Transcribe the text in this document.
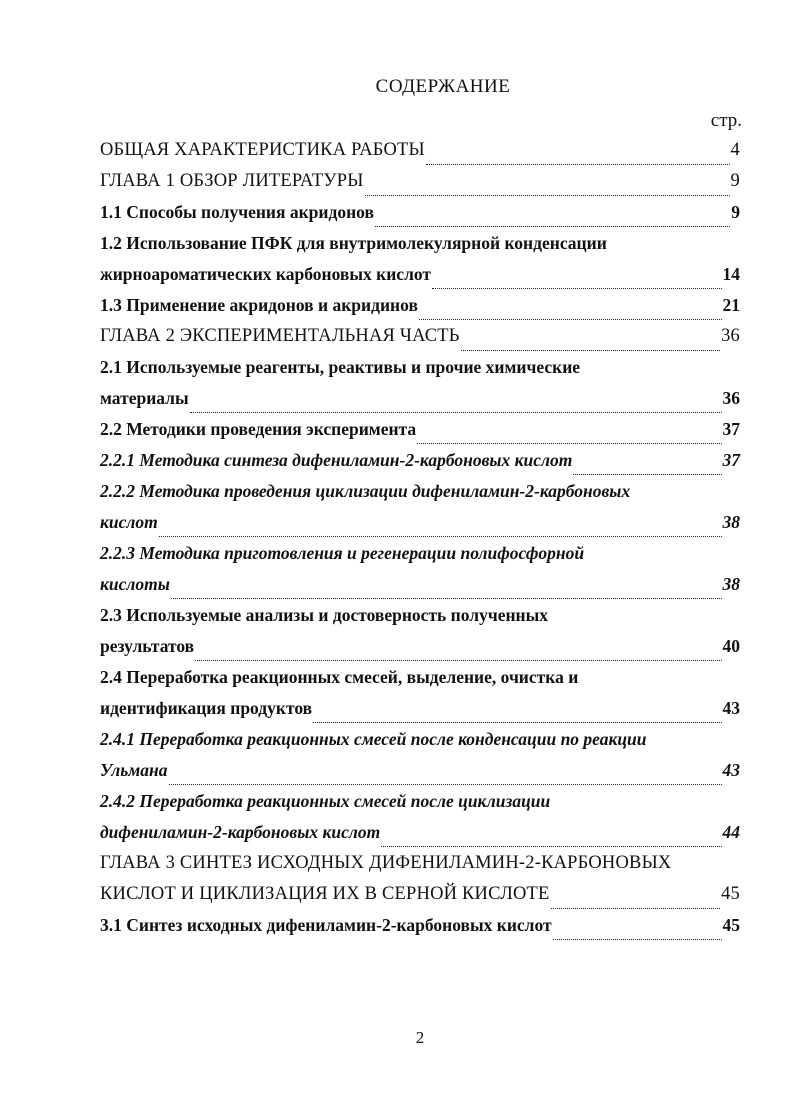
СОДЕРЖАНИЕ
стр.
ОБЩАЯ ХАРАКТЕРИСТИКА РАБОТЫ	4
ГЛАВА 1 ОБЗОР ЛИТЕРАТУРЫ	9
1.1 Способы получения акридонов	9
1.2 Использование ПФК для внутримолекулярной конденсации
жирноароматических карбоновых кислот	14
1.3 Применение акридонов и акридинов	21
ГЛАВА 2 ЭКСПЕРИМЕНТАЛЬНАЯ ЧАСТЬ	36
2.1 Используемые реагенты, реактивы и прочие химические
материалы	36
2.2 Методики проведения эксперимента	37
2.2.1 Методика синтеза дифениламин-2-карбоновых кислот	37
2.2.2 Методика проведения циклизации дифениламин-2-карбоновых
кислот	38
2.2.3 Методика приготовления и регенерации полифосфорной
кислоты	38
2.3 Используемые анализы и достоверность полученных
результатов	40
2.4 Переработка реакционных смесей, выделение, очистка и
идентификация продуктов	43
2.4.1 Переработка реакционных смесей после конденсации по реакции
Ульмана	43
2.4.2 Переработка реакционных смесей после циклизации
дифениламин-2-карбоновых кислот	44
ГЛАВА 3 СИНТЕЗ ИСХОДНЫХ ДИФЕНИЛАМИН-2-КАРБОНОВЫХ
КИСЛОТ И ЦИКЛИЗАЦИЯ ИХ В СЕРНОЙ КИСЛОТЕ	45
3.1 Синтез исходных дифениламин-2-карбоновых кислот	45
2
